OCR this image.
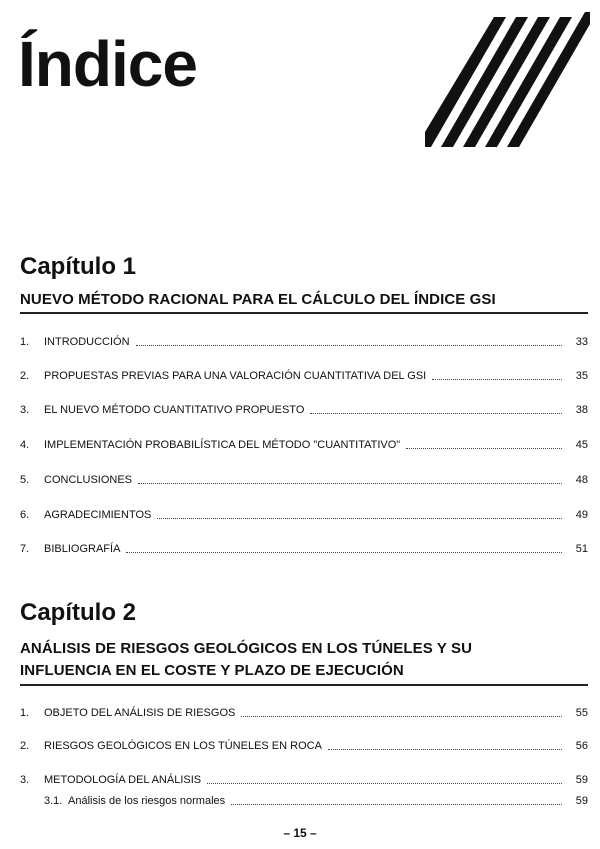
Índice
Capítulo 1
NUEVO MÉTODO RACIONAL PARA EL CÁLCULO DEL ÍNDICE GSI
1.	INTRODUCCIÓN	33
2.	PROPUESTAS PREVIAS PARA UNA VALORACIÓN CUANTITATIVA DEL GSI	35
3.	EL NUEVO MÉTODO CUANTITATIVO PROPUESTO	38
4.	IMPLEMENTACIÓN PROBABILÍSTICA DEL MÉTODO "CUANTITATIVO"	45
5.	CONCLUSIONES	48
6.	AGRADECIMIENTOS	49
7.	BIBLIOGRAFÍA	51
Capítulo 2
ANÁLISIS DE RIESGOS GEOLÓGICOS EN LOS TÚNELES Y SU
INFLUENCIA EN EL COSTE Y PLAZO DE EJECUCIÓN
1.	OBJETO DEL ANÁLISIS DE RIESGOS	55
2.	RIESGOS GEOLÓGICOS EN LOS TÚNELES EN ROCA	56
3.	METODOLOGÍA DEL ANÁLISIS	59
3.1. Análisis de los riesgos normales	59
– 15 –
